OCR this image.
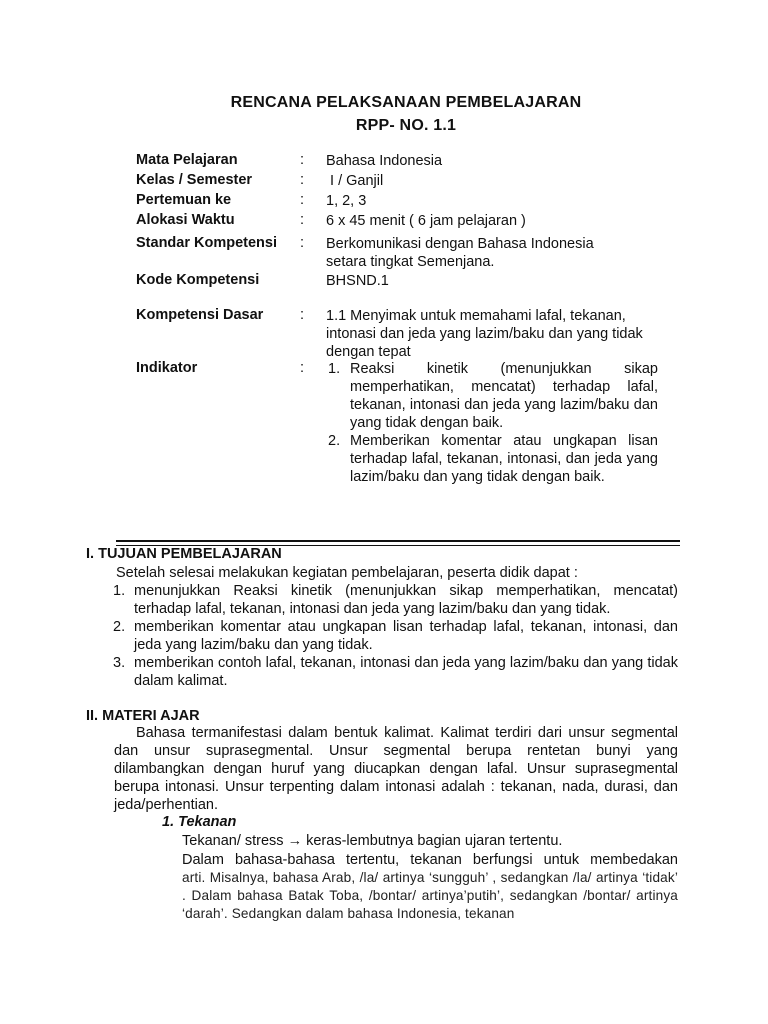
RENCANA PELAKSANAAN PEMBELAJARAN
RPP- NO. 1.1
Mata Pelajaran	: Bahasa Indonesia
Kelas / Semester	: I / Ganjil
Pertemuan ke	: 1, 2, 3
Alokasi Waktu	: 6 x 45 menit ( 6 jam pelajaran )
Standar Kompetensi : Berkomunikasi dengan Bahasa Indonesia setara tingkat Semenjana.
Kode Kompetensi	BHSND.1
Kompetensi Dasar	: 1.1 Menyimak untuk memahami lafal, tekanan, intonasi dan jeda yang lazim/baku dan yang tidak dengan tepat
Indikator	: 1. Reaksi kinetik (menunjukkan sikap memperhatikan, mencatat) terhadap lafal, tekanan, intonasi dan jeda yang lazim/baku dan yang tidak dengan baik.
2. Memberikan komentar atau ungkapan lisan terhadap lafal, tekanan, intonasi, dan jeda yang lazim/baku dan yang tidak dengan baik.
I. TUJUAN PEMBELAJARAN
Setelah selesai melakukan kegiatan pembelajaran, peserta didik dapat :
1. menunjukkan Reaksi kinetik (menunjukkan sikap memperhatikan, mencatat) terhadap lafal, tekanan, intonasi dan jeda yang lazim/baku dan yang tidak.
2. memberikan komentar atau ungkapan lisan terhadap lafal, tekanan, intonasi, dan jeda yang lazim/baku dan yang tidak.
3. memberikan contoh lafal, tekanan, intonasi dan jeda yang lazim/baku dan yang tidak dalam kalimat.
II. MATERI AJAR
Bahasa termanifestasi dalam bentuk kalimat. Kalimat terdiri dari unsur segmental dan unsur suprasegmental. Unsur segmental berupa rentetan bunyi yang dilambangkan dengan huruf yang diucapkan dengan lafal. Unsur suprasegmental berupa intonasi. Unsur terpenting dalam intonasi adalah : tekanan, nada, durasi, dan jeda/perhentian.
1. Tekanan
Tekanan/ stress → keras-lembutnya bagian ujaran tertentu.
Dalam bahasa-bahasa tertentu, tekanan berfungsi untuk membedakan
arti. Misalnya, bahasa Arab, /la/ artinya ‘sungguh’ , sedangkan /la/ artinya ‘tidak’ . Dalam bahasa Batak Toba, /bontar/ artinya’putih’, sedangkan /bontar/ artinya ‘darah’. Sedangkan dalam bahasa Indonesia, tekanan
